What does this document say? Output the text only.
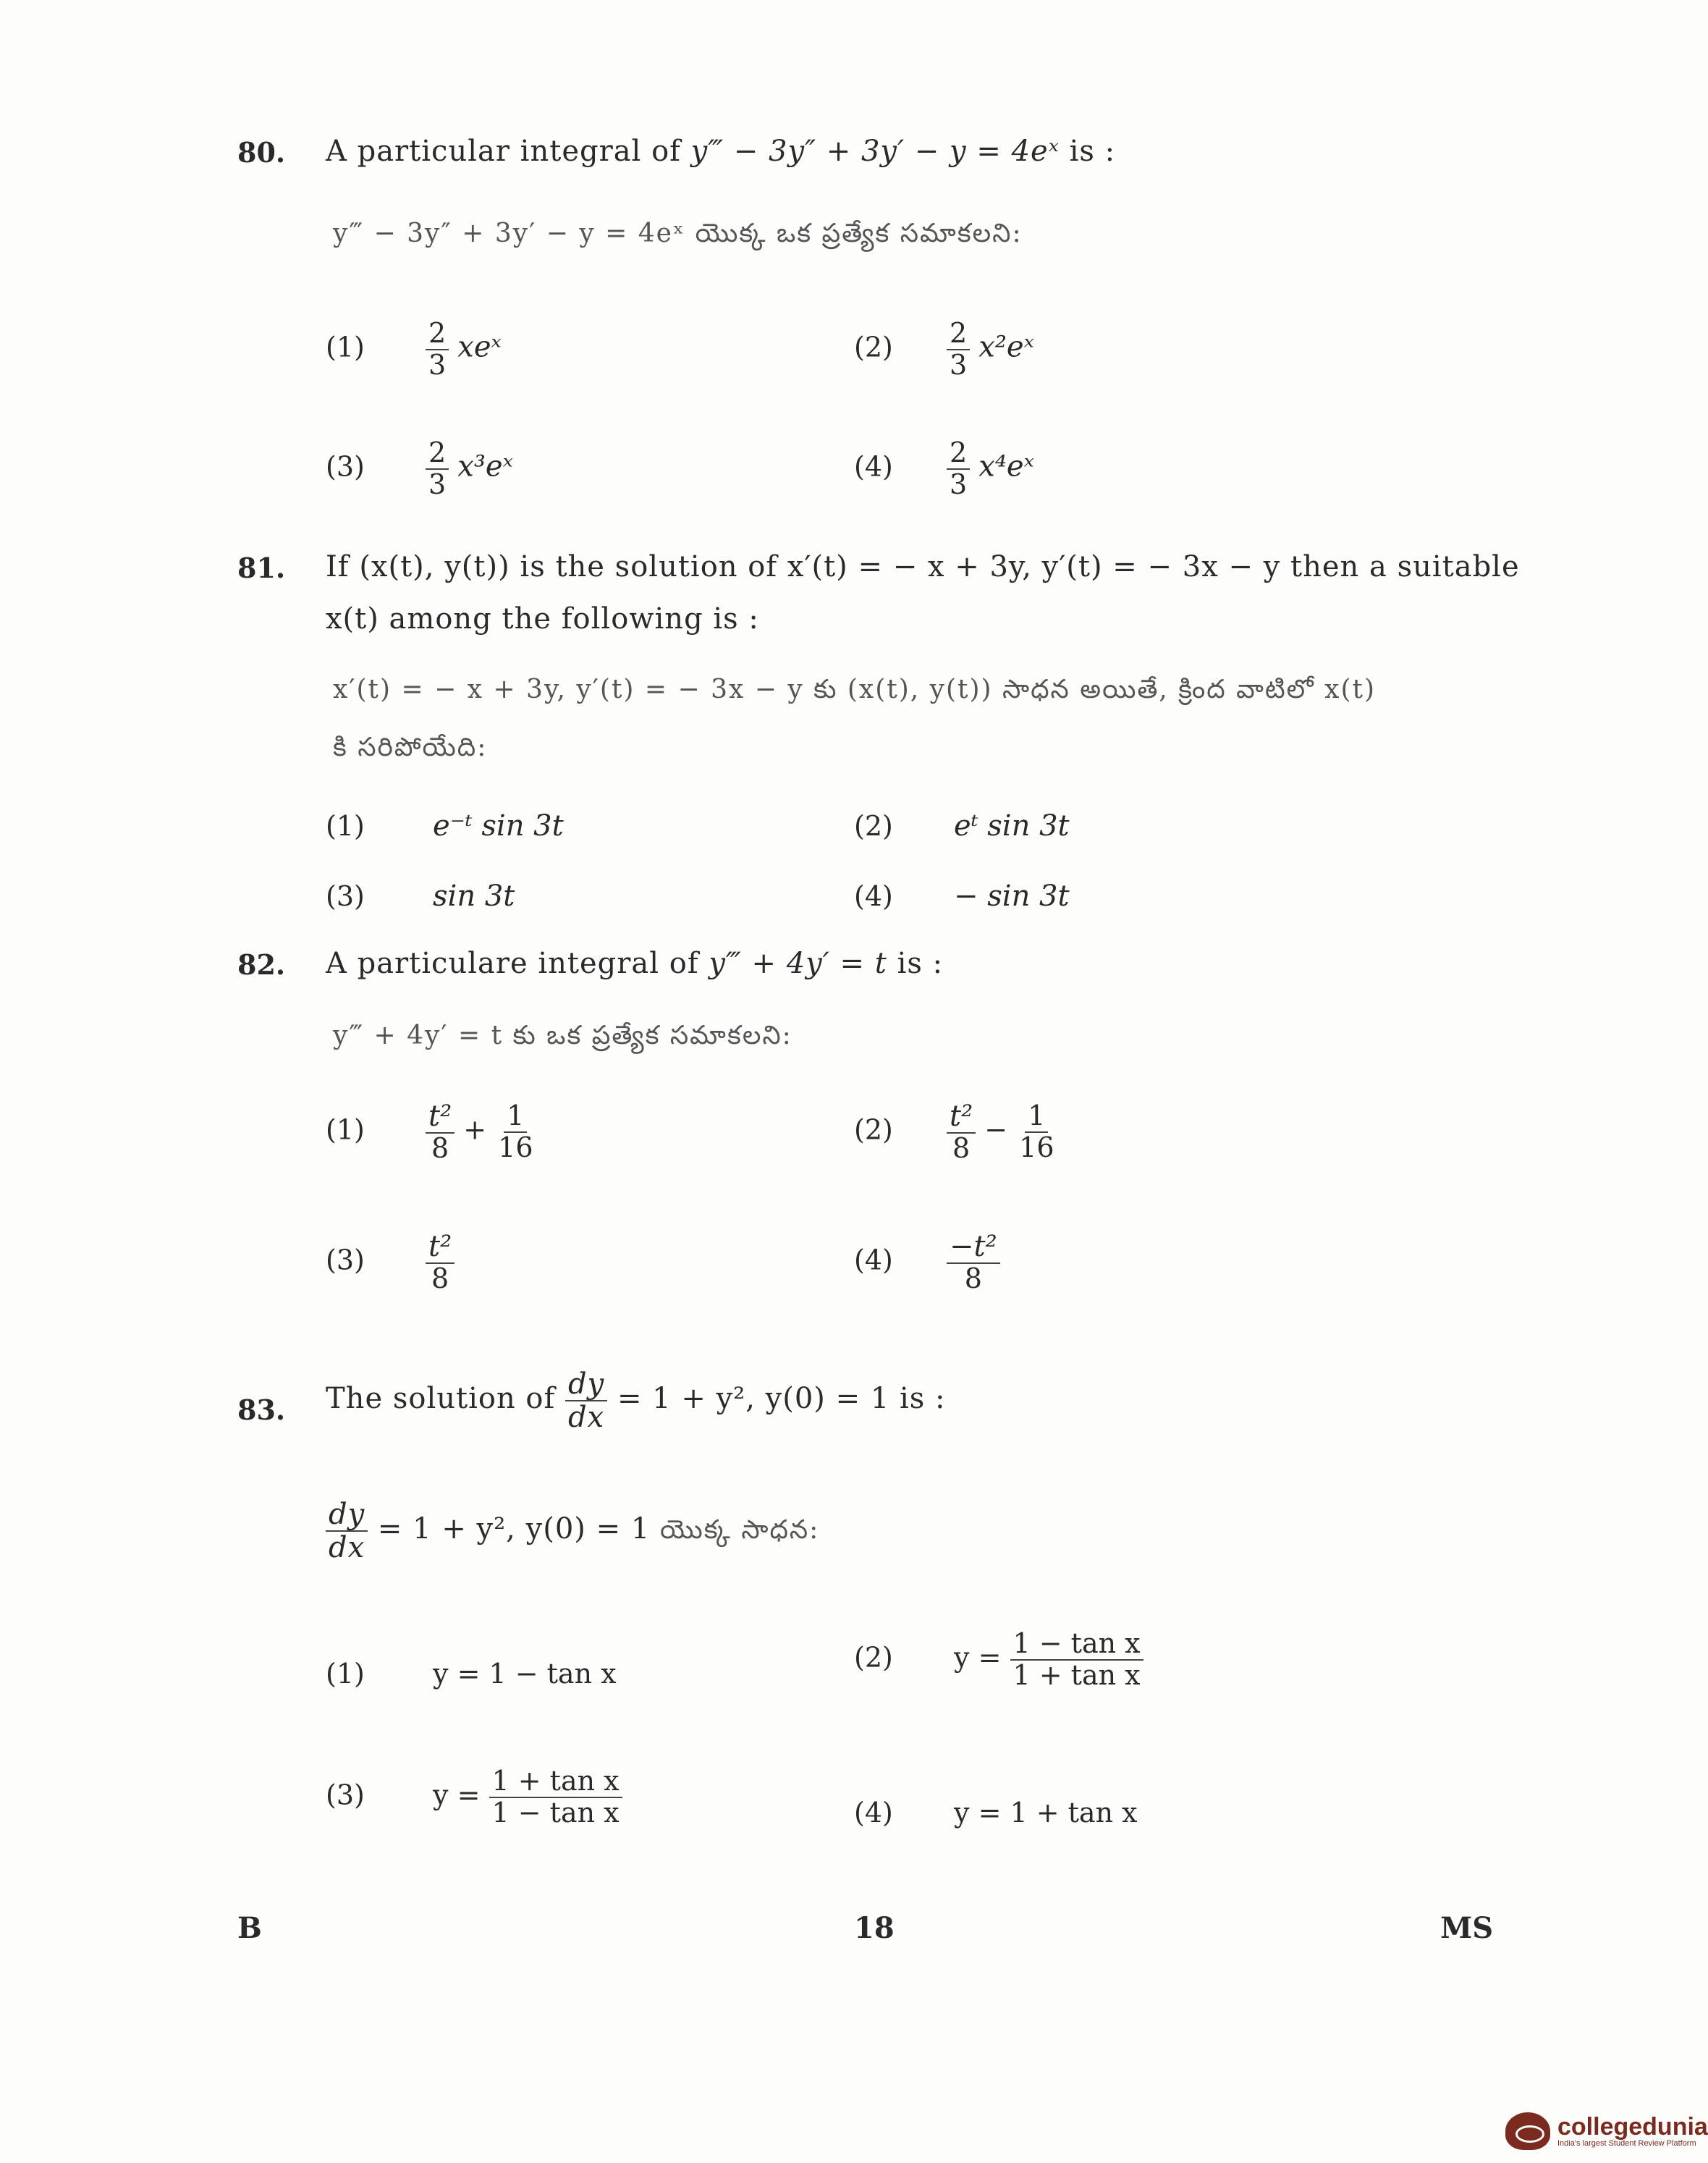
80. A particular integral of y‴ − 3y″ + 3y′ − y = 4eˣ is :
y‴ − 3y″ + 3y′ − y = 4eˣ యొక్క ఒక ప్రత్యేక సమాకలని:
$(1) \frac{2}{3}$ xeˣ	$(2) \frac{2}{3}$ x²eˣ
$(3) \frac{2}{3}$ x³eˣ	$(4) \frac{2}{3}$ x⁴eˣ
81. If (x(t), y(t)) is the solution of x′(t) = − x + 3y, y′(t) = − 3x − y then a suitable
x(t) among the following is :
x′(t) = − x + 3y, y′(t) = − 3x − y కు (x(t), y(t)) సాధన అయితే, క్రింద వాటిలో x(t)
కి సరిపోయేది:
(1) e⁻ᵗ sin 3t	(2) eᵗ sin 3t
(3) sin 3t	(4) − sin 3t
82. A particulare integral of y‴ + 4y′ = t is :
y‴ + 4y′ = t కు ఒక ప్రత్యేక సమాకలని:
$(1) \frac{\text{t²}}{8} + \frac{1}{16}$	$(2) \frac{\text{t²}}{8} - \frac{1}{16}$
$(3) \frac{\text{t²}}{8}$	$(4) \frac{\text{−t²}}{8}$
83. The solution of $\frac{dy}{dx} = 1 + y^2$, y(0) = 1 is :
$\frac{dy}{dx} = 1 + y^2$, y(0) = 1 యొక్క సాధన:
(1) y = 1 − tan x
(2) $y = \frac{\text{1 − tan x}}{\text{1 + tan x}}$
(3) $y = \frac{\text{1 + tan x}}{\text{1 − tan x}}$	(4) y = 1 + tan x
B	18	MS
collegedunia
India's largest Student Review Platform
